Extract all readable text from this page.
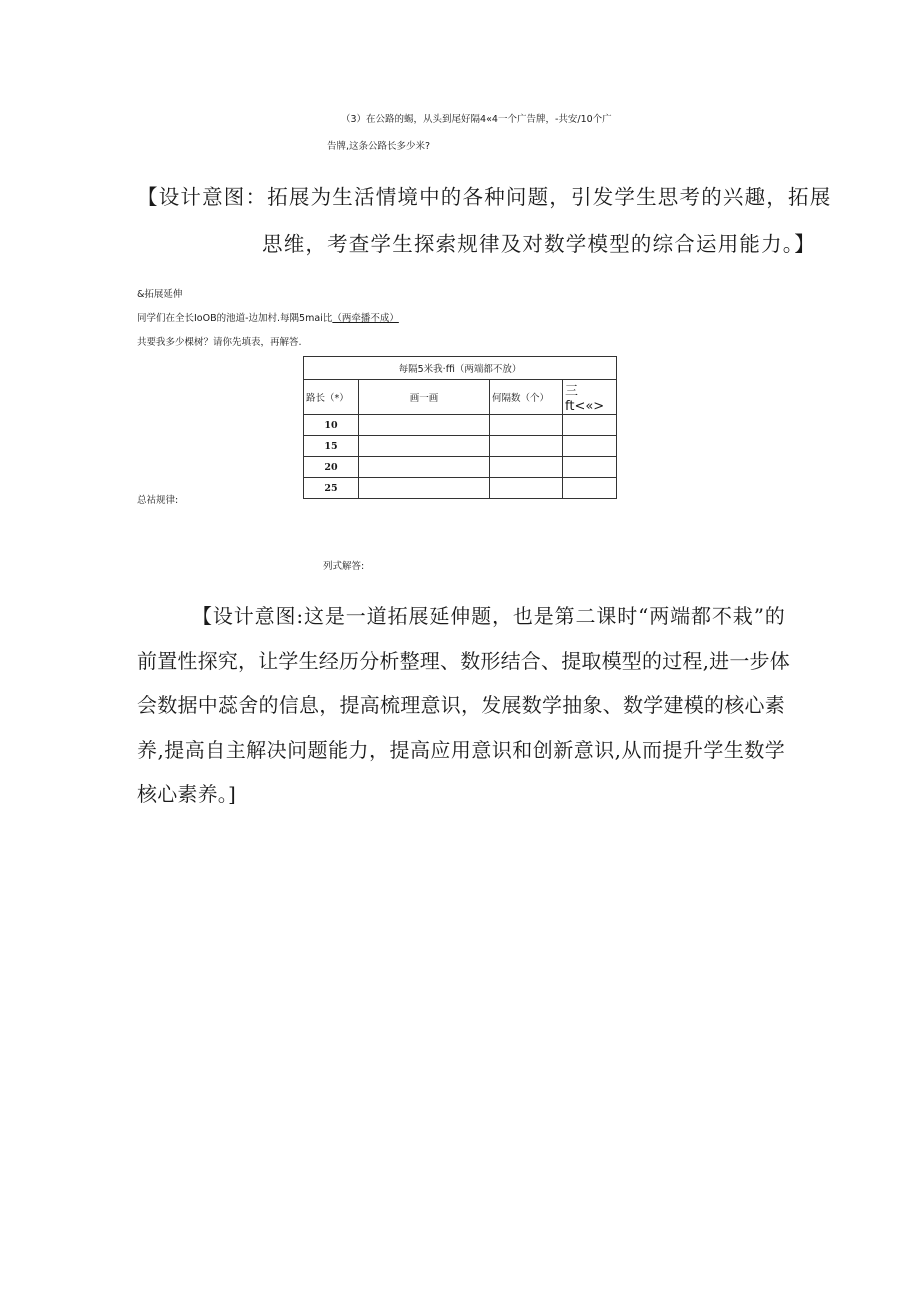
（3）在公路的蜴，从头到尾好隔4«4一个广告牌，-共安/10个广
告牌,这条公路长多少米?
【设计意图：拓展为生活情境中的各种问题，引发学生思考的兴趣，拓展
思维，考查学生探索规律及对数学模型的综合运用能力。】
&拓展延伸
同学们在全长IoOB的池道-边加村.每隅5mai比（两牵播不成）
共要我多少棵树？请你先填表，再解答.
每隔5米我·ffi（两端都不放）			
路长（*）	画一画	何隔数（个）	三ft<«>
10			
15			
20			
25			
总祜规律:
列式解答:
【设计意图:这是一道拓展延伸题，也是第二课时“两端都不栽”的
前置性探究，让学生经历分析整理、数形结合、提取模型的过程,进一步体
会数据中蕊舍的信息，提高梳理意识，发展数学抽象、数学建模的核心素
养,提高自主解决问题能力，提高应用意识和创新意识,从而提升学生数学
核心素养。]
